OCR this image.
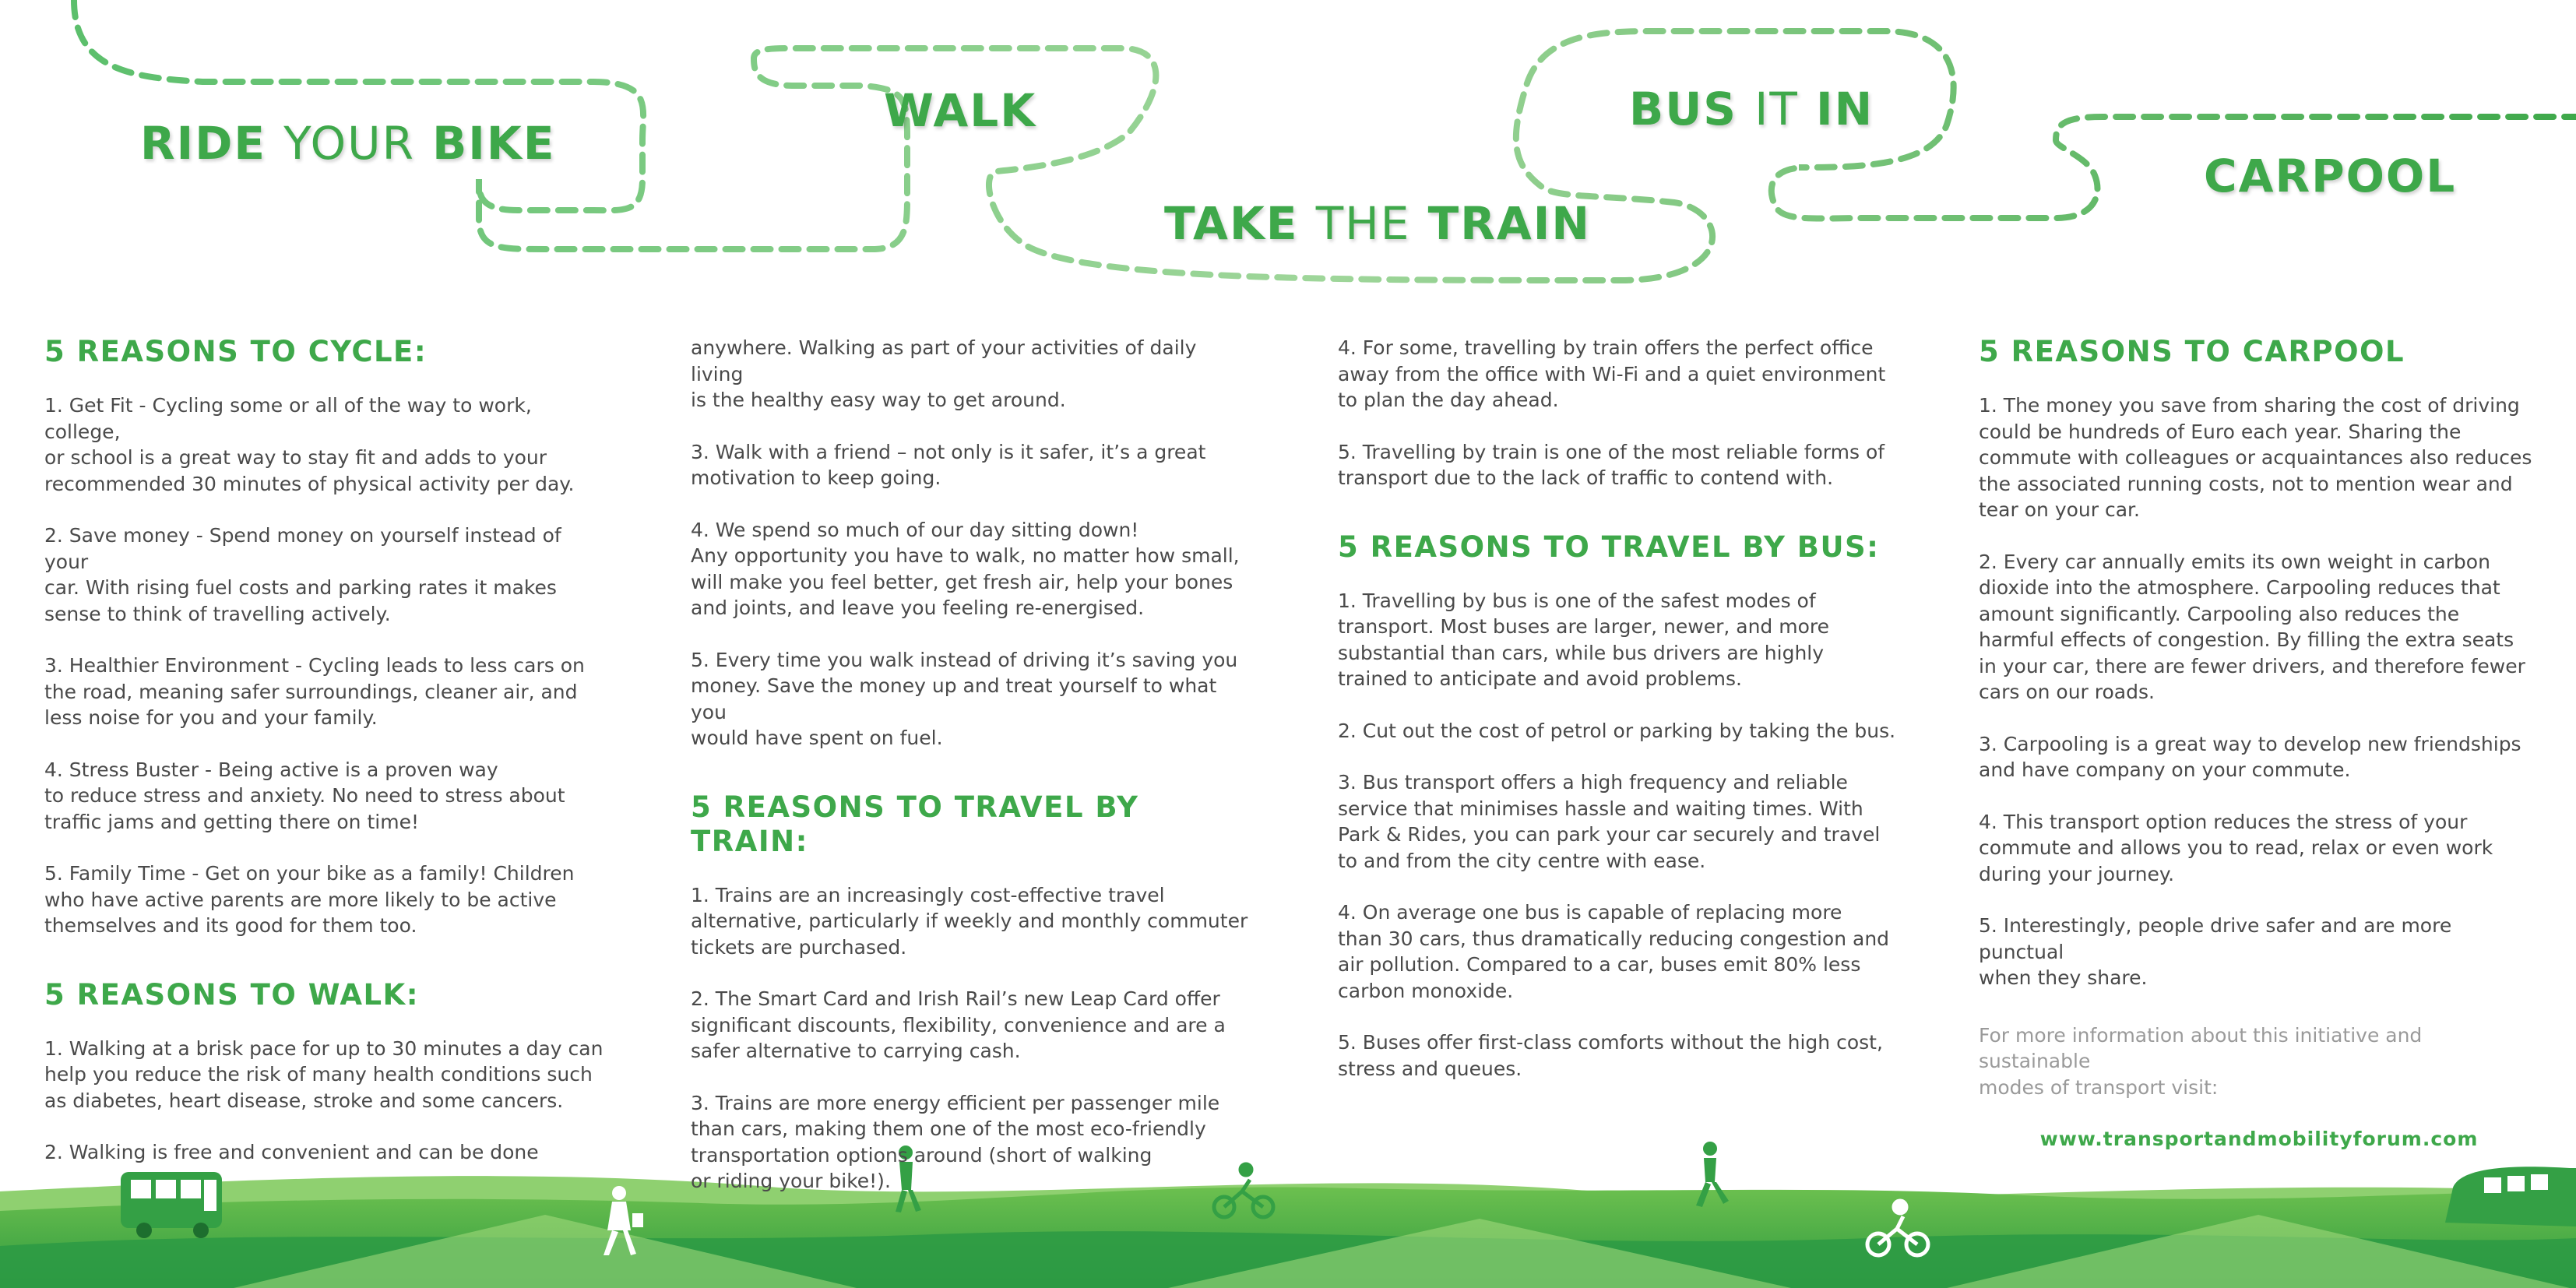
RIDE YOUR BIKE
WALK
TAKE THE TRAIN
BUS IT IN
CARPOOL
5 REASONS TO CYCLE:

1. Get Fit - Cycling some or all of the way to work, college,
or school is a great way to stay fit and adds to your
recommended 30 minutes of physical activity per day.

2. Save money - Spend money on yourself instead of your
car. With rising fuel costs and parking rates it makes
sense to think of travelling actively.

3. Healthier Environment - Cycling leads to less cars on
the road, meaning safer surroundings, cleaner air, and
less noise for you and your family.

4. Stress Buster - Being active is a proven way
to reduce stress and anxiety. No need to stress about
traffic jams and getting there on time!

5. Family Time - Get on your bike as a family! Children
who have active parents are more likely to be active
themselves and its good for them too.

5 REASONS TO WALK:

1. Walking at a brisk pace for up to 30 minutes a day can
help you reduce the risk of many health conditions such
as diabetes, heart disease, stroke and some cancers.

2. Walking is free and convenient and can be done

anywhere. Walking as part of your activities of daily living
is the healthy easy way to get around.

3. Walk with a friend – not only is it safer, it’s a great
motivation to keep going.

4. We spend so much of our day sitting down!
Any opportunity you have to walk, no matter how small,
will make you feel better, get fresh air, help your bones
and joints, and leave you feeling re-energised.

5. Every time you walk instead of driving it’s saving you
money. Save the money up and treat yourself to what you
would have spent on fuel.

5 REASONS TO TRAVEL BY TRAIN:

1. Trains are an increasingly cost-effective travel
alternative, particularly if weekly and monthly commuter
tickets are purchased.

2. The Smart Card and Irish Rail’s new Leap Card offer
significant discounts, flexibility, convenience and are a
safer alternative to carrying cash.

3. Trains are more energy efficient per passenger mile
than cars, making them one of the most eco-friendly
transportation options around (short of walking
or riding your bike!).

4. For some, travelling by train offers the perfect office
away from the office with Wi-Fi and a quiet environment
to plan the day ahead.

5. Travelling by train is one of the most reliable forms of
transport due to the lack of traffic to contend with.

5 REASONS TO TRAVEL BY BUS:

1. Travelling by bus is one of the safest modes of
transport. Most buses are larger, newer, and more
substantial than cars, while bus drivers are highly
trained to anticipate and avoid problems.

2. Cut out the cost of petrol or parking by taking the bus.

3. Bus transport offers a high frequency and reliable
service that minimises hassle and waiting times. With
Park & Rides, you can park your car securely and travel
to and from the city centre with ease.

4. On average one bus is capable of replacing more
than 30 cars, thus dramatically reducing congestion and
air pollution. Compared to a car, buses emit 80% less
carbon monoxide.

5. Buses offer first-class comforts without the high cost,
stress and queues.

5 REASONS TO CARPOOL

1. The money you save from sharing the cost of driving
could be hundreds of Euro each year. Sharing the
commute with colleagues or acquaintances also reduces
the associated running costs, not to mention wear and
tear on your car.

2. Every car annually emits its own weight in carbon
dioxide into the atmosphere. Carpooling reduces that
amount significantly. Carpooling also reduces the
harmful effects of congestion. By filling the extra seats
in your car, there are fewer drivers, and therefore fewer
cars on our roads.

3. Carpooling is a great way to develop new friendships
and have company on your commute.

4. This transport option reduces the stress of your
commute and allows you to read, relax or even work
during your journey.

5. Interestingly, people drive safer and are more punctual
when they share.

For more information about this initiative and sustainable
modes of transport visit:

www.transportandmobilityforum.com
